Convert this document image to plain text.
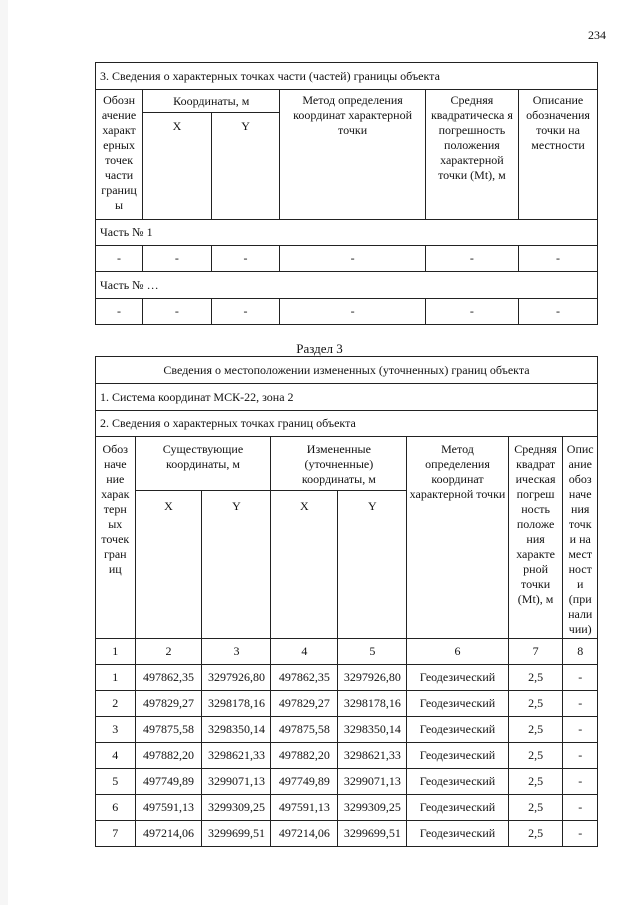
234
3. Сведения о характерных точках части (частей) границы объекта					
Обозн ачение характ ерных точек части границ ы	Координаты, м		Метод определения координат характерной точки	Средняя квадратическа я погрешность положения характерной точки (Mt), м	Описание обозначения точки на местности
	X	Y			
Часть № 1					
-	-	-	-	-	-
Часть № …					
-	-	-	-	-	-
Раздел 3
Сведения о местоположении измененных (уточненных) границ объекта							
1. Система координат МСК-22, зона 2							
2. Сведения о характерных точках границ объекта							
Обоз наче ние харак терн ых точек гран иц	Существующие координаты, м		Измененные (уточненные) координаты, м		Метод определения координат характерной точки	Средняя квадрат ическая погреш ность положе ния характе рной точки (Mt), м	Опис ание обоз наче ния точк и на мест ност и (при нали чии)
	X	Y	X	Y			
1	2	3	4	5	6	7	8
1	497862,35	3297926,80	497862,35	3297926,80	Геодезический	2,5	-
2	497829,27	3298178,16	497829,27	3298178,16	Геодезический	2,5	-
3	497875,58	3298350,14	497875,58	3298350,14	Геодезический	2,5	-
4	497882,20	3298621,33	497882,20	3298621,33	Геодезический	2,5	-
5	497749,89	3299071,13	497749,89	3299071,13	Геодезический	2,5	-
6	497591,13	3299309,25	497591,13	3299309,25	Геодезический	2,5	-
7	497214,06	3299699,51	497214,06	3299699,51	Геодезический	2,5	-
